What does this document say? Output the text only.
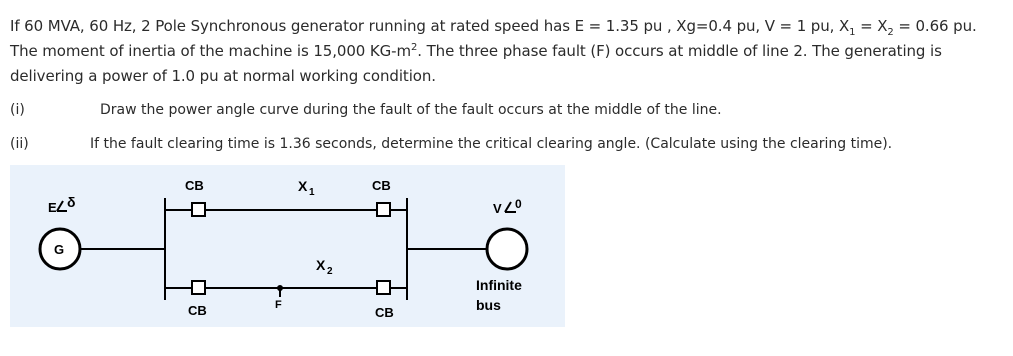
If 60 MVA, 60 Hz, 2 Pole Synchronous generator running at rated speed has E = 1.35 pu , Xg=0.4 pu, V = 1 pu, $X_1 = X_2 = 0.66$ pu. The moment of inertia of the machine is 15,000 $KG-m^2$. The three phase fault (F) occurs at middle of line 2. The generating is delivering a power of 1.0 pu at normal working condition.
(i)	Draw the power angle curve during the fault of the fault occurs at the middle of the line.
(ii)	If the fault clearing time is 1.36 seconds, determine the critical clearing angle. (Calculate using the clearing time).
E δ
G
CB	CB
X 1
CB	CB
X 2
F
V 0
Infinite
bus
